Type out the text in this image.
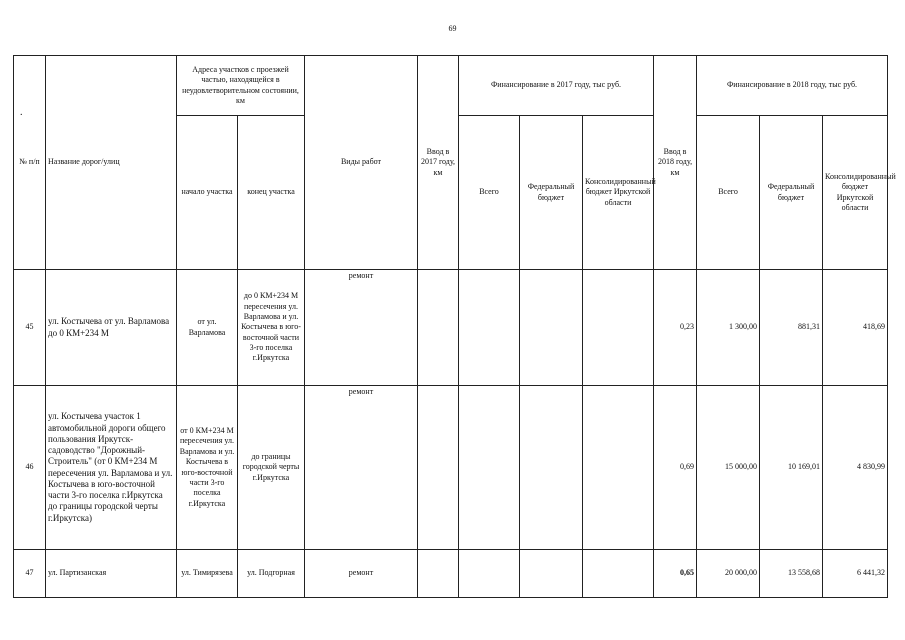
69
.
№ п/п	Название дорог/улиц	Адреса участков с проезжей частью, находящейся в неудовлетворительном состоянии, км		Виды работ	Ввод в 2017 году, км	Финансирование в 2017 году, тыс руб.			Ввод в 2018 году, км	Финансирование в 2018 году, тыс руб.		
		начало участка	конец участка			Всего	Федеральный бюджет	Консолидированный бюджет Иркутской области		Всего	Федеральный бюджет	Консолидированный бюджет Иркутской области
45	ул. Костычева от ул. Варламова до 0 КМ+234 М	от ул. Варламова	до 0 КМ+234 М пересечения ул. Варламова и ул. Костычева в юго-восточной части 3-го поселка г.Иркутска	ремонт					0,23	1 300,00	881,31	418,69
46	ул. Костычева участок 1 автомобильной дороги общего пользования Иркутск-садоводство "Дорожный-Строитель" (от 0 КМ+234 М пересечения ул. Варламова и ул. Костычева в юго-восточной части 3-го поселка г.Иркутска до границы городской черты г.Иркутска)	от 0 КМ+234 М пересечения ул. Варламова и ул. Костычева в юго-восточной части 3-го поселка г.Иркутска	до границы городской черты г.Иркутска	ремонт					0,69	15 000,00	10 169,01	4 830,99
47	ул. Партизанская	ул. Тимирязева	ул. Подгорная	ремонт					0,65	20 000,00	13 558,68	6 441,32
